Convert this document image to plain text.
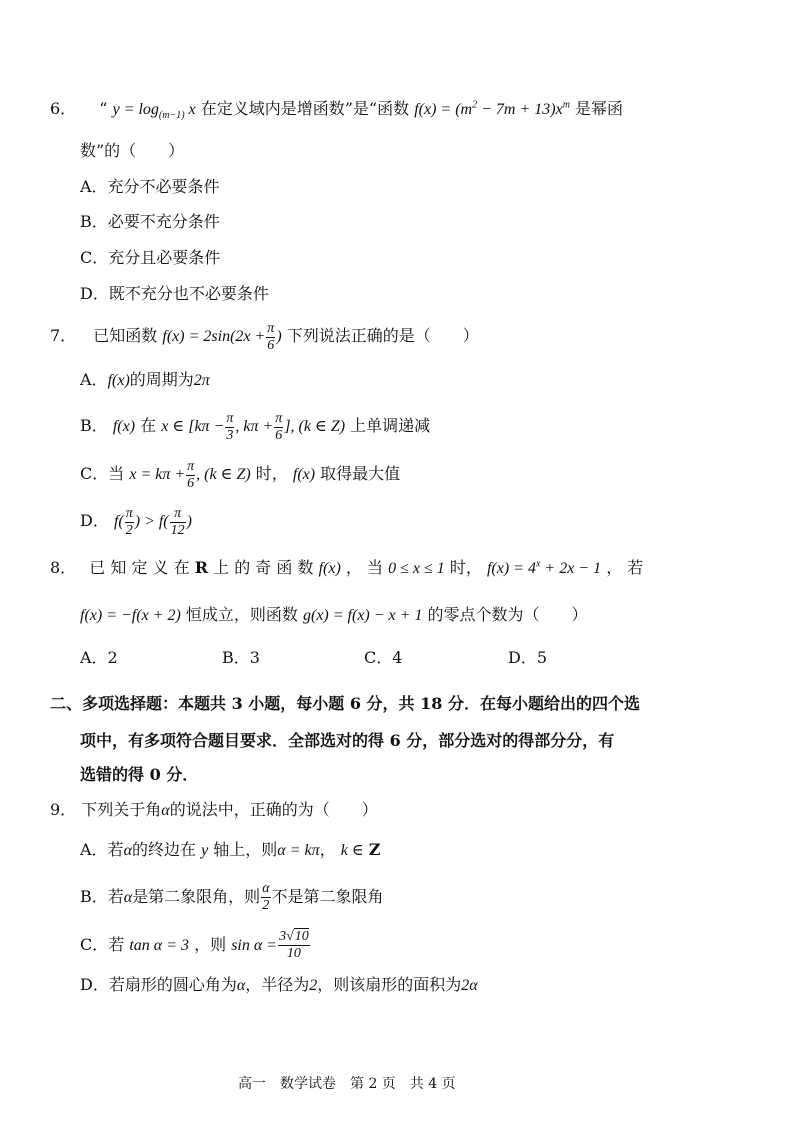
6． “ $y = \log_{(m-1)} x$ 在定义域内是增函数”是“函数 $f(x) = (m^2 - 7m + 13)x^m$ 是幂函
数”的（　　）
A．充分不必要条件
B．必要不充分条件
C．充分且必要条件
D．既不充分也不必要条件
7． 已知函数 $f(x) = 2\sin(2x + \frac{\pi}{6}$ ) 下列说法正确的是（　　）
A．f(x)的周期为2π
B． f(x) 在 x ∈ [$k\pi - \frac{\pi}{3}$ , $k\pi + \frac{\pi}{6}$ ], (k ∈ Z) 上单调递减
C．当 $x = k\pi + \frac{\pi}{6}$ , (k ∈ Z) 时， f(x) 取得最大值
D． $f( \frac{\pi}{2}$ ) > $f( \frac{\pi}{12}$ )
8． 已 知 定 义 在 R 上 的 奇 函 数 f(x) ， 当 0 ≤ x ≤ 1 时， $f(x) = 4^x + 2x - 1$ ， 若
f(x) = −f(x + 2) 恒成立，则函数 g(x) = f(x) − x + 1 的零点个数为（　　）
A．2	B．3	C．4	D．5
二、多项选择题：本题共 3 小题，每小题 6 分，共 18 分．在每小题给出的四个选
项中，有多项符合题目要求．全部选对的得 6 分，部分选对的得部分分，有
选错的得 0 分．
9． 下列关于角α的说法中，正确的为（　　）
A．若α的终边在 y 轴上，则α = kπ， k ∈ Z
B．若α是第二象限角，则 $\frac{\alpha}{2}$ 不是第二象限角
C．若 tan α = 3 ，则 $\sin \alpha = \frac{3√10}{10}$
D．若扇形的圆心角为α，半径为2，则该扇形的面积为2α
高一　数学试卷　第 2 页　共 4 页
